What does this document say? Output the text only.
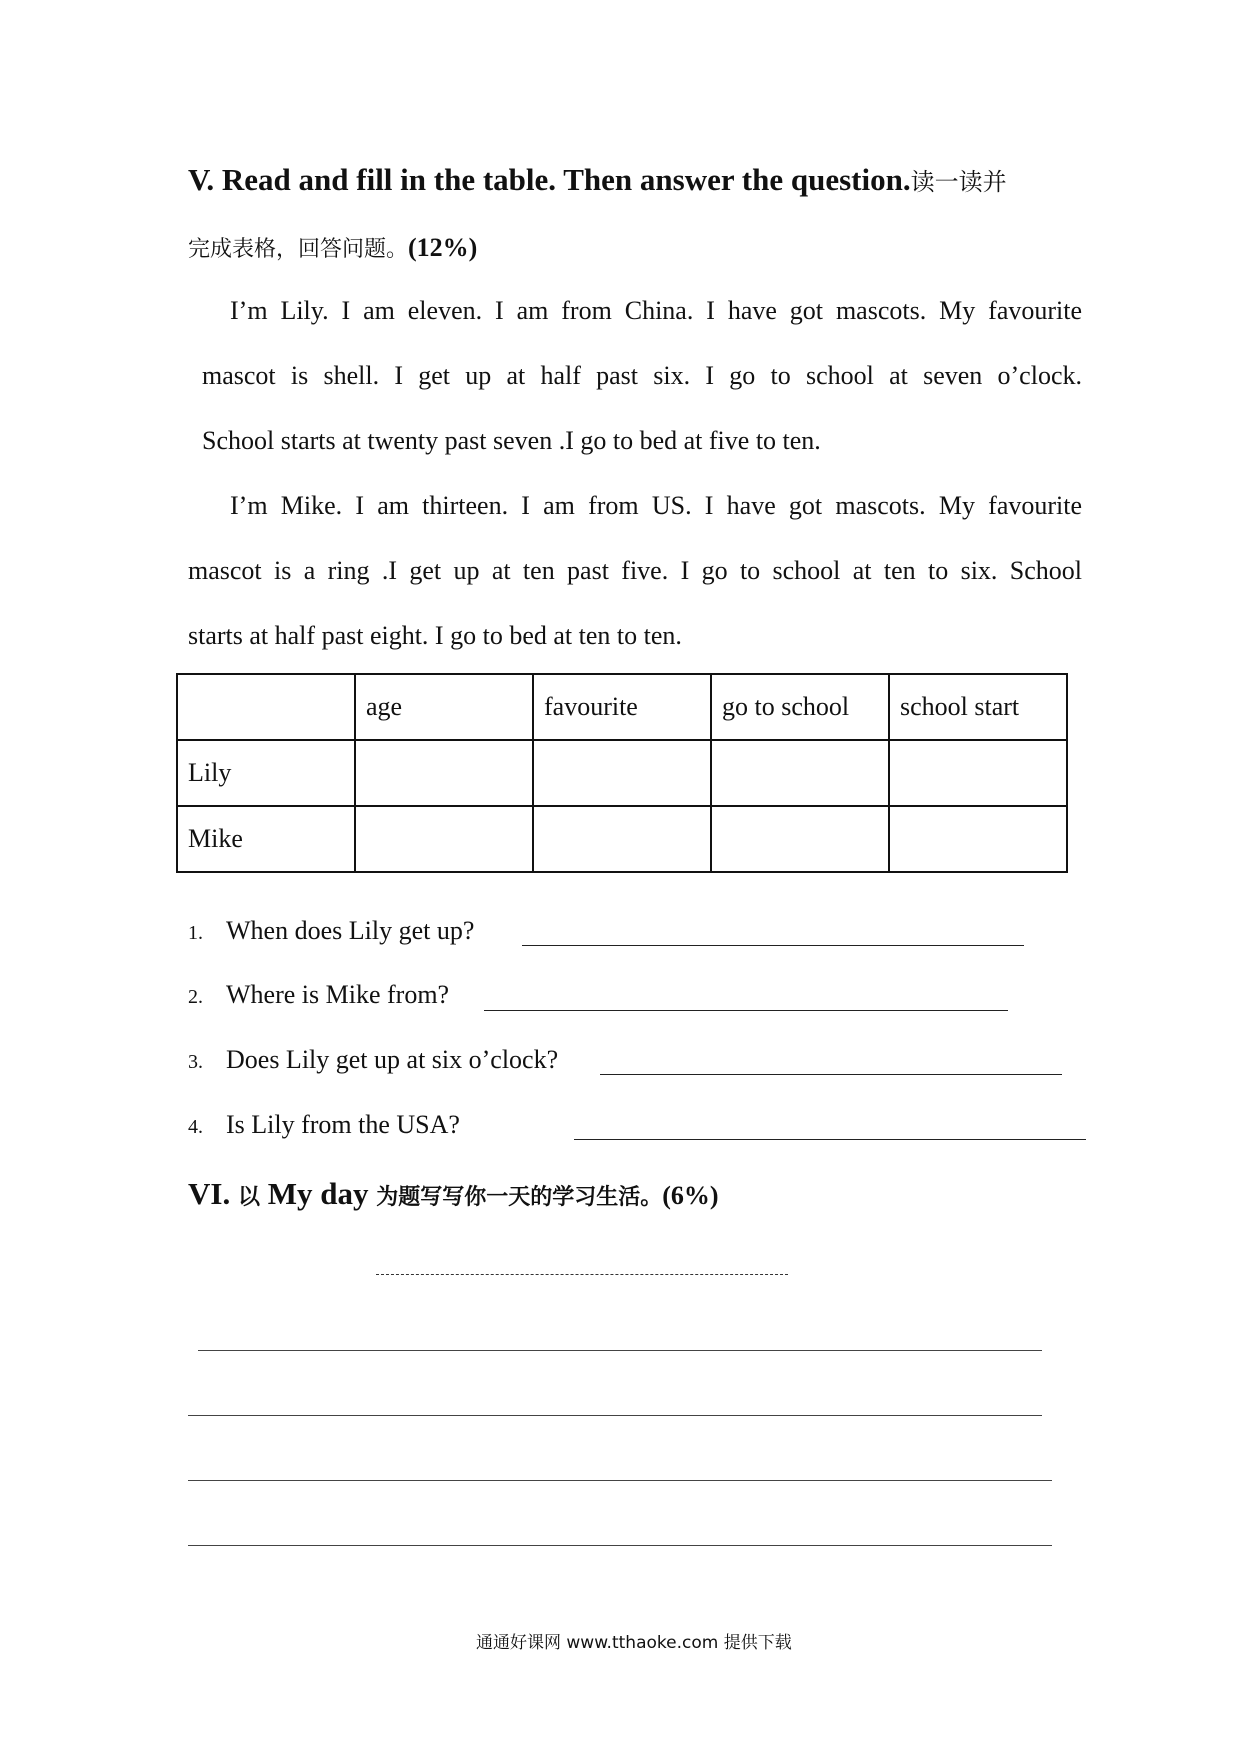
V. Read and fill in the table. Then answer the question.读一读并
完成表格，回答问题。(12%)
I’m Lily. I am eleven. I am from China. I have got mascots. My favourite
mascot is shell. I get up at half past six. I go to school at seven o’clock.
School starts at twenty past seven .I go to bed at five to ten.
I’m Mike. I am thirteen. I am from US. I have got mascots. My favourite
mascot is a ring .I get up at ten past five. I go to school at ten to six. School
starts at half past eight. I go to bed at ten to ten.
	age	favourite	go to school	school start
Lily				
Mike				
1. When does Lily get up?
2. Where is Mike from?
3. Does Lily get up at six o’clock?
4. Is Lily from the USA?
VI. 以 My day 为题写写你一天的学习生活。(6%)
通通好课网 www.tthaoke.com 提供下载
